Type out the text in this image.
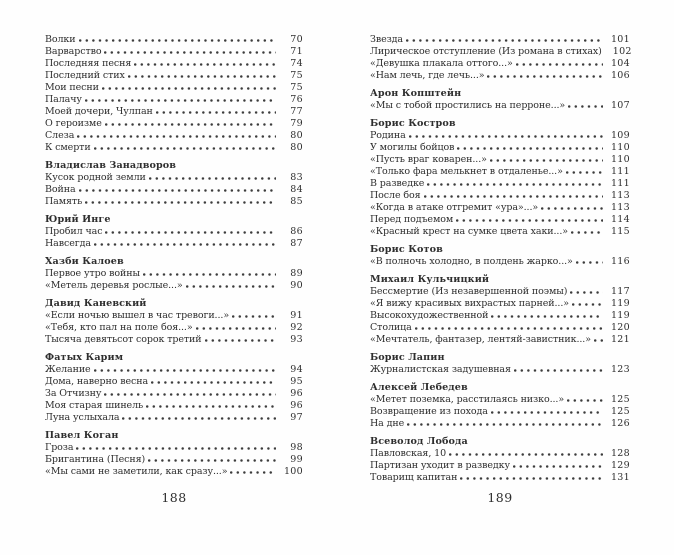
Волки	70
Варварство	71
Последняя песня	74
Последний стих	75
Мои песни	75
Палачу	76
Моей дочери, Чулпан	77
О героизме	79
Слеза	80
К смерти	80
Владислав Занадворов
Кусок родной земли	83
Война	84
Память	85
Юрий Инге
Пробил час	86
Навсегда	87
Хазби Калоев
Первое утро войны	89
«Метель деревья рослые...»	90
Давид Каневский
«Если ночью вышел в час тревоги...»	91
«Тебя, кто пал на поле боя...»	92
Тысяча девятьсот сорок третий	93
Фатых Карим
Желание	94
Дома, наверно весна	95
За Отчизну	96
Моя старая шинель	96
Луна услыхала	97
Павел Коган
Гроза	98
Бригантина (Песня)	99
«Мы сами не заметили, как сразу...»	100
Звезда	101
Лирическое отступление (Из романа в стихах)	102
«Девушка плакала оттого...»	104
«Нам лечь, где лечь...»	106
Арон Копштейн
«Мы с тобой простились на перроне...»	107
Борис Костров
Родина	109
У могилы бойцов	110
«Пусть враг коварен...»	110
«Только фара мелькнет в отдаленье...»	111
В разведке	111
После боя	113
«Когда в атаке отгремит «ура»...»	113
Перед подъемом	114
«Красный крест на сумке цвета хаки...»	115
Борис Котов
«В полночь холодно, в полдень жарко...»	116
Михаил Кульчицкий
Бессмертие (Из незавершенной поэмы)	117
«Я вижу красивых вихрастых парней...»	119
Высокохудожественной	119
Столица	120
«Мечтатель, фантазер, лентяй-завистник...»	121
Борис Лапин
Журналистская задушевная	123
Алексей Лебедев
«Метет поземка, расстилаясь низко...»	125
Возвращение из похода	125
На дне	126
Всеволод Лобода
Павловская, 10	128
Партизан уходит в разведку	129
Товарищ капитан	131
188	189
